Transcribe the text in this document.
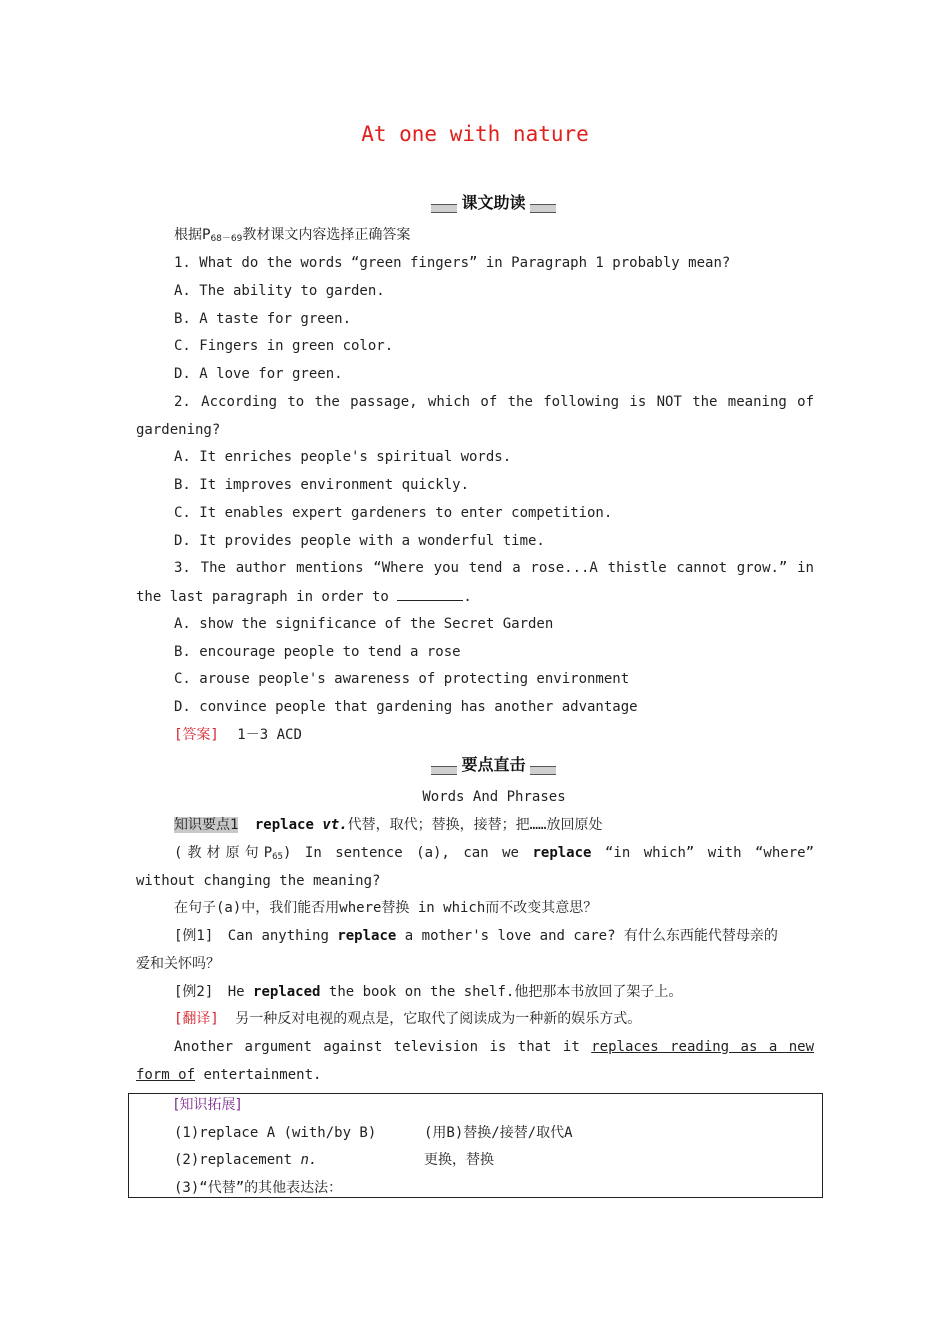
At one with nature
课文助读
根据$P_{68-69}$教材课文内容选择正确答案
1. What do the words “green fingers” in Paragraph 1 probably mean?
A. The ability to garden.
B. A taste for green.
C. Fingers in green color.
D. A love for green.
2. According to the passage, which of the following is NOT the meaning of
gardening?
A. It enriches people's spiritual words.
B. It improves environment quickly.
C. It enables expert gardeners to enter competition.
D. It provides people with a wonderful time.
3. The author mentions “Where you tend a rose...A thistle cannot grow.” in
the last paragraph in order to	.
A. show the significance of the Secret Garden
B. encourage people to tend a rose
C. arouse people's awareness of protecting environment
D. convince people that gardening has another advantage
[答案] 1－3 ACD
要点直击
Words And Phrases
知识要点1 replace vt.代替，取代；替换，接替；把……放回原处
(教材原句$P_{65}$) In sentence (a), can we replace “in which” with “where”
without changing the meaning?
在句子(a)中，我们能否用where替换 in which而不改变其意思？
[例1] Can anything replace a mother's love and care? 有什么东西能代替母亲的
爱和关怀吗？
[例2] He replaced the book on the shelf.他把那本书放回了架子上。
[翻译] 另一种反对电视的观点是，它取代了阅读成为一种新的娱乐方式。
Another argument against television is that it replaces reading as a new
form of entertainment.
[知识拓展]
(1)replace A (with/by B)	(用B)替换/接替/取代A
(2)replacement n.	更换，替换
(3)“代替”的其他表达法：
